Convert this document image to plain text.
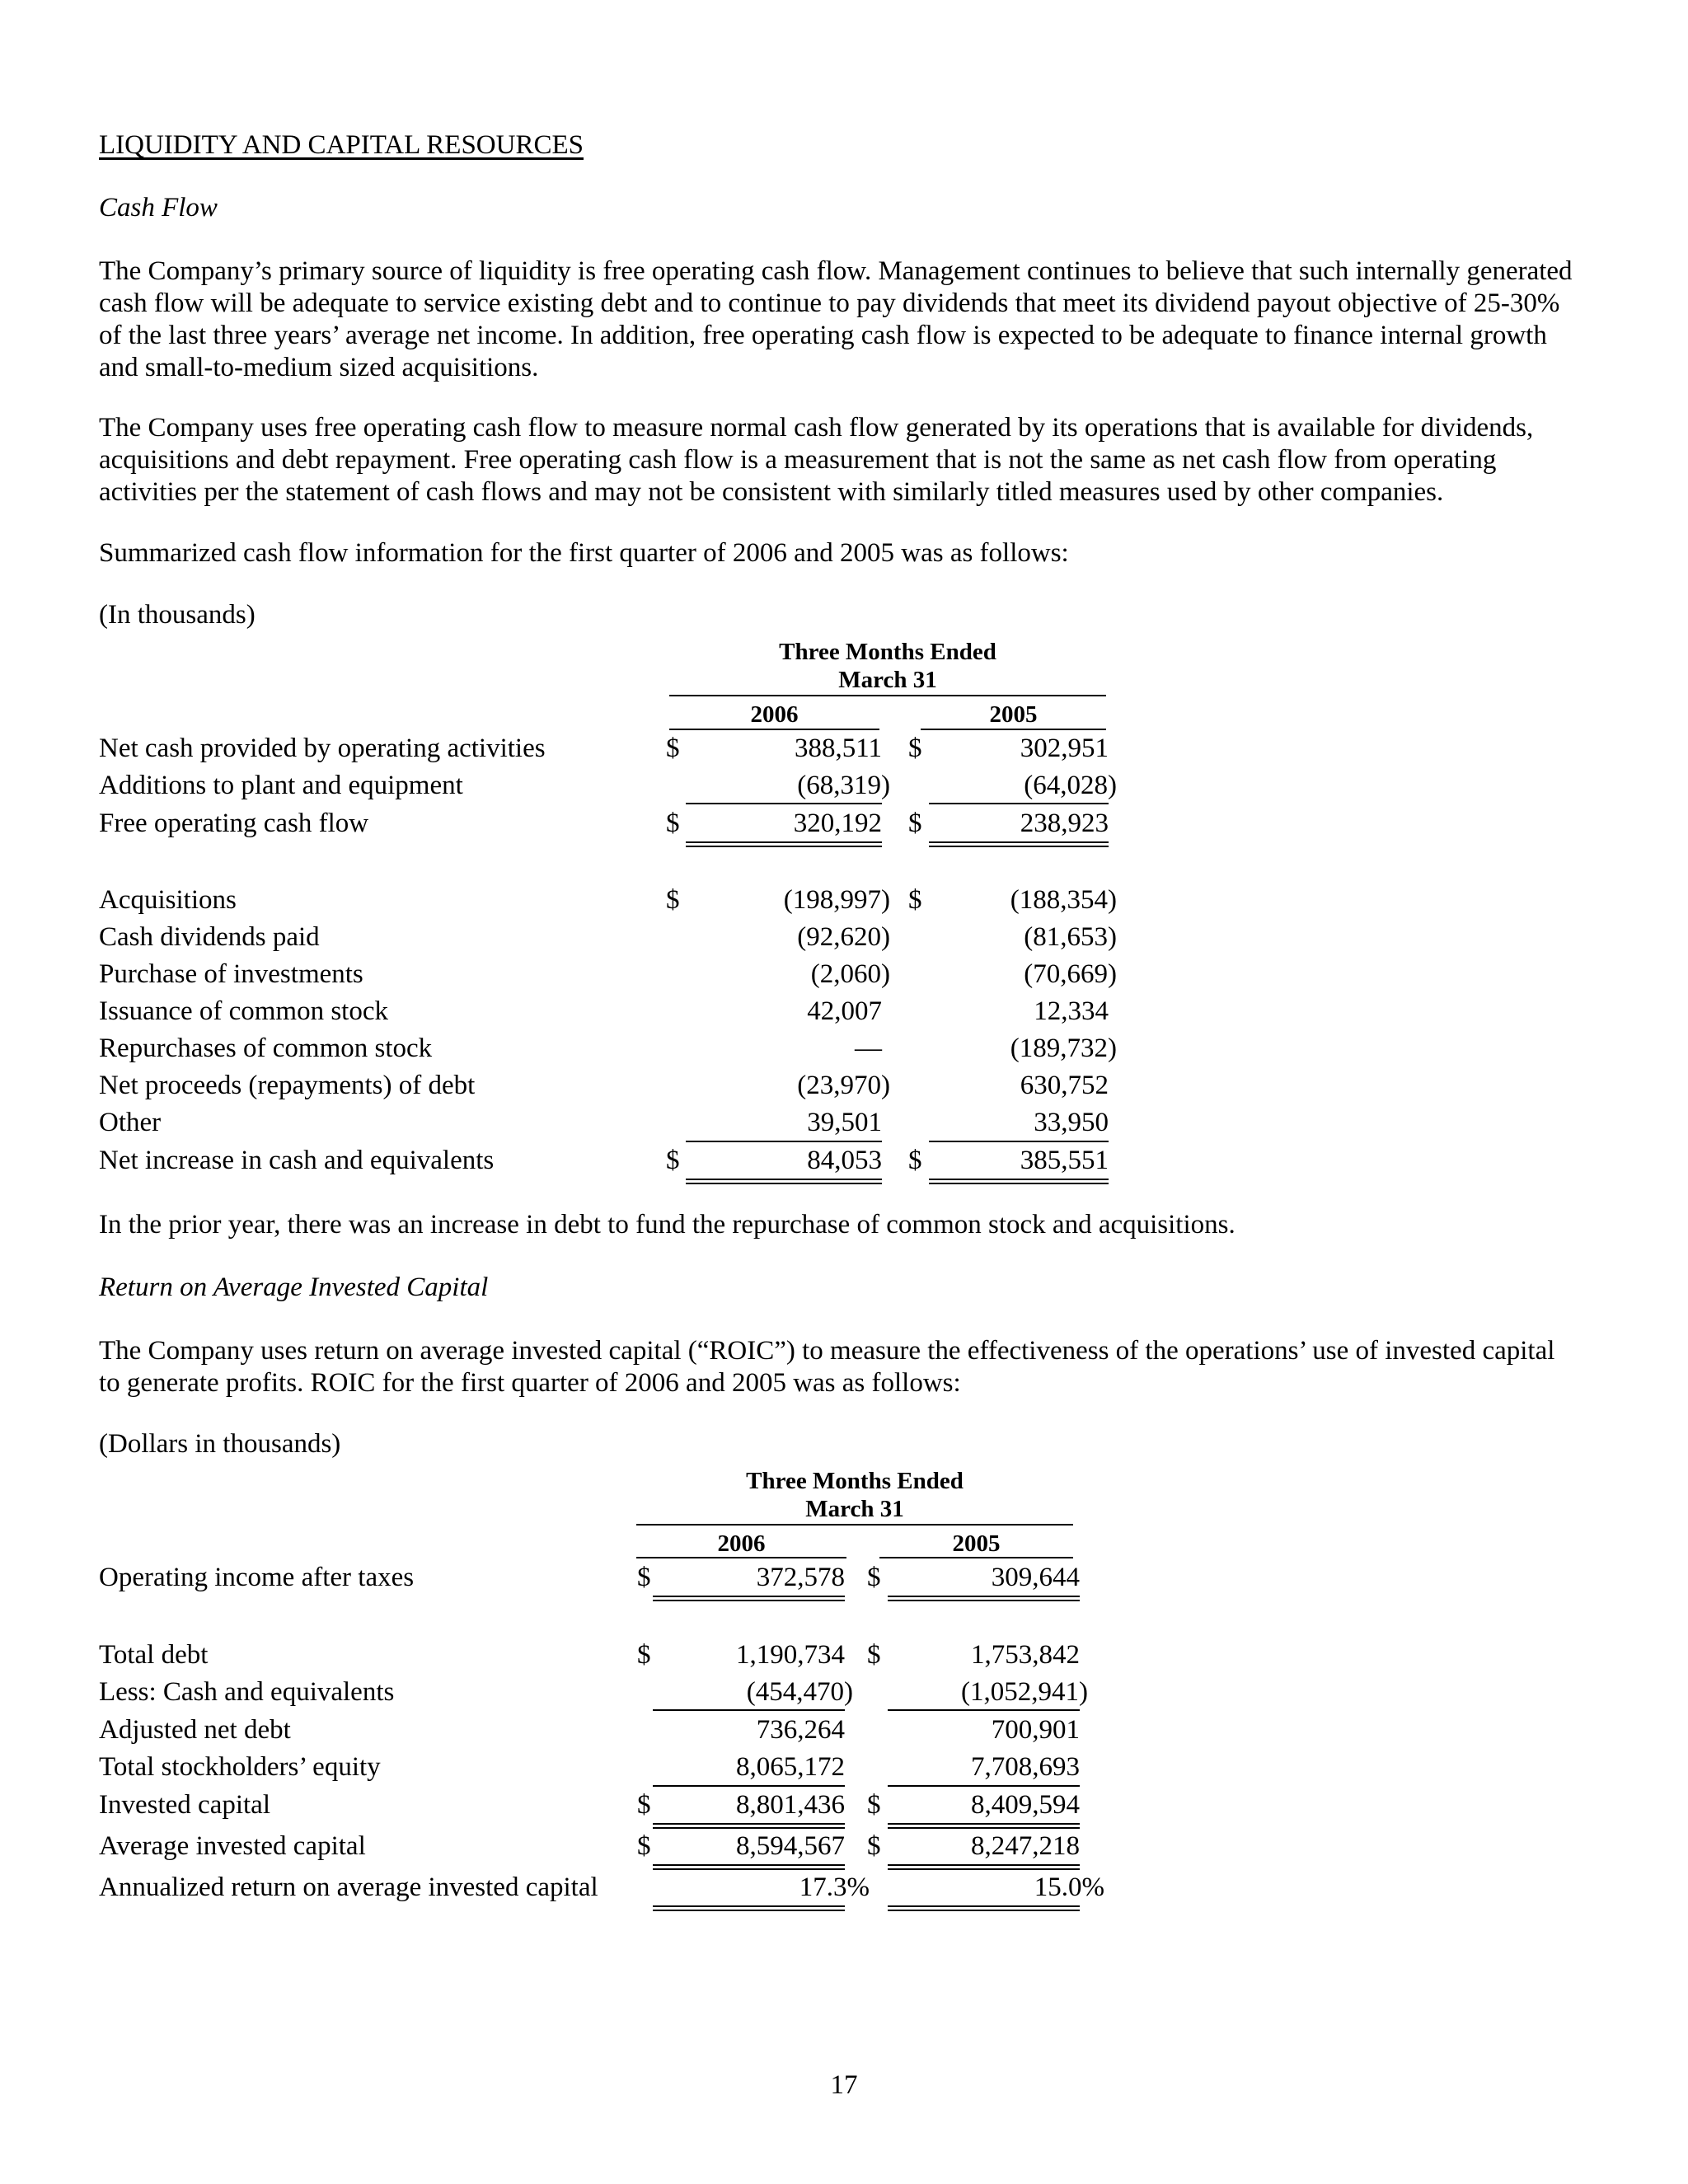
LIQUIDITY AND CAPITAL RESOURCES
Cash Flow
The Company’s primary source of liquidity is free operating cash flow. Management continues to believe that such internally generated cash flow will be adequate to service existing debt and to continue to pay dividends that meet its dividend payout objective of 25-30% of the last three years’ average net income. In addition, free operating cash flow is expected to be adequate to finance internal growth and small-to-medium sized acquisitions.
The Company uses free operating cash flow to measure normal cash flow generated by its operations that is available for dividends, acquisitions and debt repayment. Free operating cash flow is a measurement that is not the same as net cash flow from operating activities per the statement of cash flows and may not be consistent with similarly titled measures used by other companies.
Summarized cash flow information for the first quarter of 2006 and 2005 was as follows:
(In thousands)
Three Months Ended
March 31
2006	2005
Net cash provided by operating activities	$	388,511 $	302,951
Additions to plant and equipment	(68,319)	(64,028)
Free operating cash flow	$	320,192 $	238,923
Acquisitions	$	(198,997) $	(188,354)
Cash dividends paid	(92,620)	(81,653)
Purchase of investments	(2,060)	(70,669)
Issuance of common stock	42,007	12,334
Repurchases of common stock	—	(189,732)
Net proceeds (repayments) of debt	(23,970)	630,752
Other	39,501	33,950
Net increase in cash and equivalents	$	84,053 $	385,551
In the prior year, there was an increase in debt to fund the repurchase of common stock and acquisitions.
Return on Average Invested Capital
The Company uses return on average invested capital (“ROIC”) to measure the effectiveness of the operations’ use of invested capital to generate profits. ROIC for the first quarter of 2006 and 2005 was as follows:
(Dollars in thousands)
Three Months Ended
March 31
2006	2005
Operating income after taxes	$	372,578 $	309,644
Total debt	$	1,190,734 $	1,753,842
Less: Cash and equivalents	(454,470)	(1,052,941)
Adjusted net debt	736,264	700,901
Total stockholders’ equity	8,065,172	7,708,693
Invested capital	$	8,801,436 $	8,409,594
Average invested capital	$	8,594,567 $	8,247,218
Annualized return on average invested capital	17.3%	15.0%
17
